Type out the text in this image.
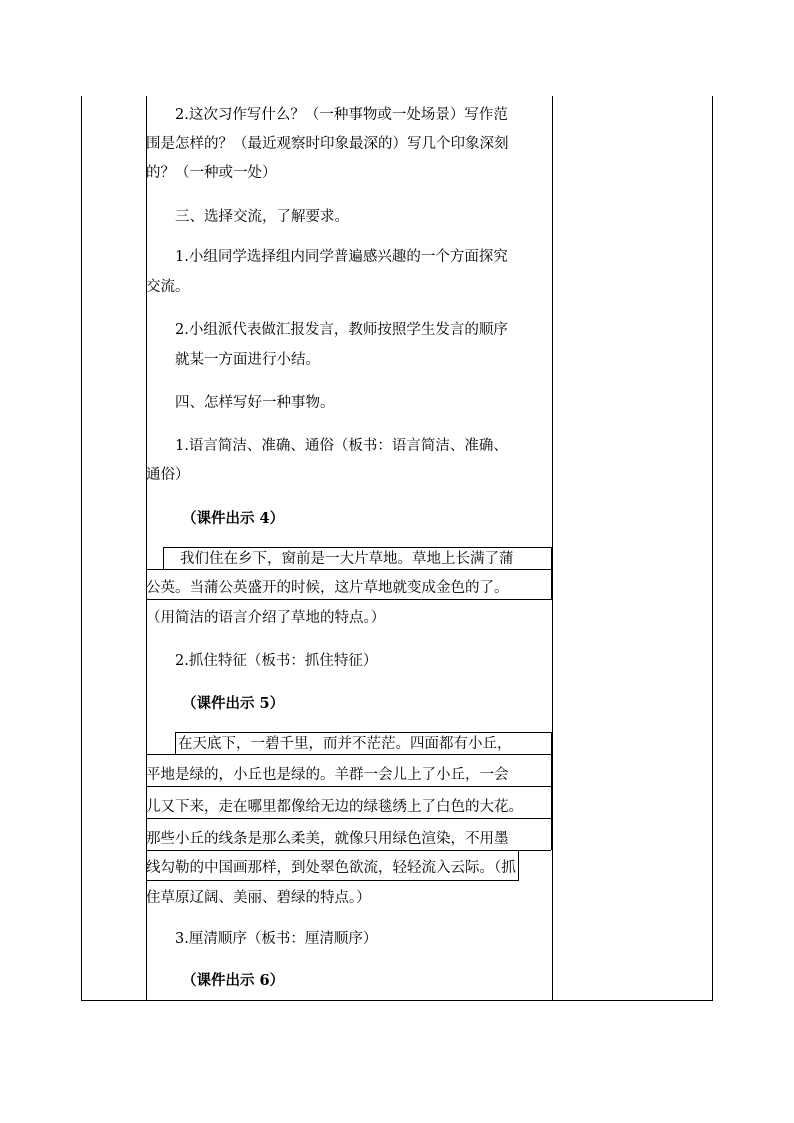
2.这次习作写什么？（一种事物或一处场景）写作范
围是怎样的？（最近观察时印象最深的）写几个印象深刻
的？（一种或一处）
三、选择交流，了解要求。
1.小组同学选择组内同学普遍感兴趣的一个方面探究
交流。
2.小组派代表做汇报发言，教师按照学生发言的顺序
就某一方面进行小结。
四、怎样写好一种事物。
1.语言简洁、准确、通俗（板书：语言简洁、准确、
通俗）
（课件出示 4）
我们住在乡下，窗前是一大片草地。草地上长满了蒲
公英。当蒲公英盛开的时候，这片草地就变成金色的了。
（用简洁的语言介绍了草地的特点。）
2.抓住特征（板书：抓住特征）
（课件出示 5）
在天底下，一碧千里，而并不茫茫。四面都有小丘，
平地是绿的，小丘也是绿的。羊群一会儿上了小丘，一会
儿又下来，走在哪里都像给无边的绿毯绣上了白色的大花。
那些小丘的线条是那么柔美，就像只用绿色渲染，不用墨
线勾勒的中国画那样，到处翠色欲流，轻轻流入云际。（抓
住草原辽阔、美丽、碧绿的特点。）
3.厘清顺序（板书：厘清顺序）
（课件出示 6）
